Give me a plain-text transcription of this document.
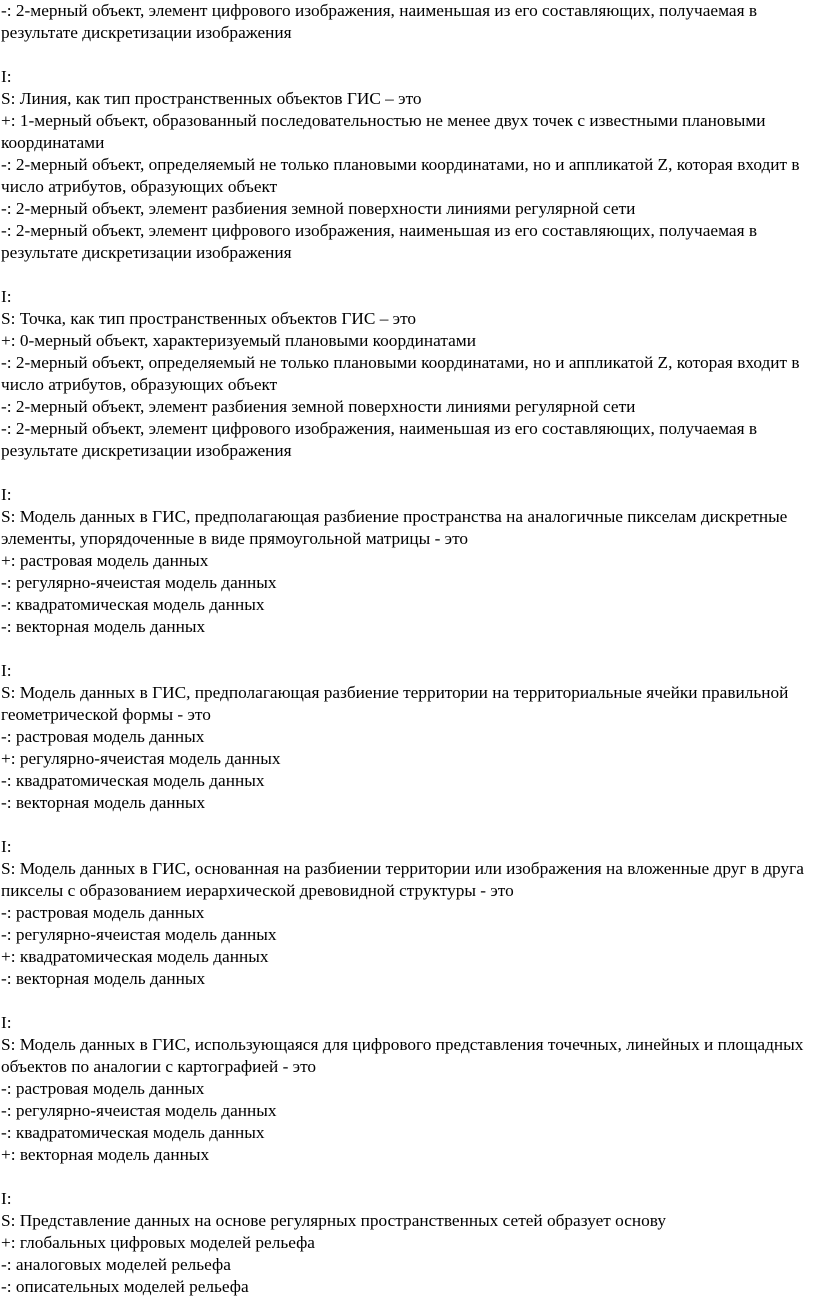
-: 2-мерный объект, элемент цифрового изображения, наименьшая из его составляющих, получаемая в результате дискретизации изображения
I:
S: Линия, как тип пространственных объектов ГИС – это
+: 1-мерный объект, образованный последовательностью не менее двух точек с известными плановыми координатами
-: 2-мерный объект, определяемый не только плановыми координатами, но и аппликатой Z, которая входит в число атрибутов, образующих объект
-: 2-мерный объект, элемент разбиения земной поверхности линиями регулярной сети
-: 2-мерный объект, элемент цифрового изображения, наименьшая из его составляющих, получаемая в результате дискретизации изображения
I:
S: Точка, как тип пространственных объектов ГИС – это
+: 0-мерный объект, характеризуемый плановыми координатами
-: 2-мерный объект, определяемый не только плановыми координатами, но и аппликатой Z, которая входит в число атрибутов, образующих объект
-: 2-мерный объект, элемент разбиения земной поверхности линиями регулярной сети
-: 2-мерный объект, элемент цифрового изображения, наименьшая из его составляющих, получаемая в результате дискретизации изображения
I:
S: Модель данных в ГИС, предполагающая разбиение пространства на аналогичные пикселам дискретные элементы, упорядоченные в виде прямоугольной матрицы - это
+: растровая модель данных
-: регулярно-ячеистая модель данных
-: квадратомическая модель данных
-: векторная модель данных
I:
S: Модель данных в ГИС, предполагающая разбиение территории на территориальные ячейки правильной геометрической формы - это
-: растровая модель данных
+: регулярно-ячеистая модель данных
-: квадратомическая модель данных
-: векторная модель данных
I:
S: Модель данных в ГИС, основанная на разбиении территории или изображения на вложенные друг в друга пикселы с образованием иерархической древовидной структуры - это
-: растровая модель данных
-: регулярно-ячеистая модель данных
+: квадратомическая модель данных
-: векторная модель данных
I:
S: Модель данных в ГИС, использующаяся для цифрового представления точечных, линейных и площадных объектов по аналогии с картографией - это
-: растровая модель данных
-: регулярно-ячеистая модель данных
-: квадратомическая модель данных
+: векторная модель данных
I:
S: Представление данных на основе регулярных пространственных сетей образует основу
+: глобальных цифровых моделей рельефа
-: аналоговых моделей рельефа
-: описательных моделей рельефа
